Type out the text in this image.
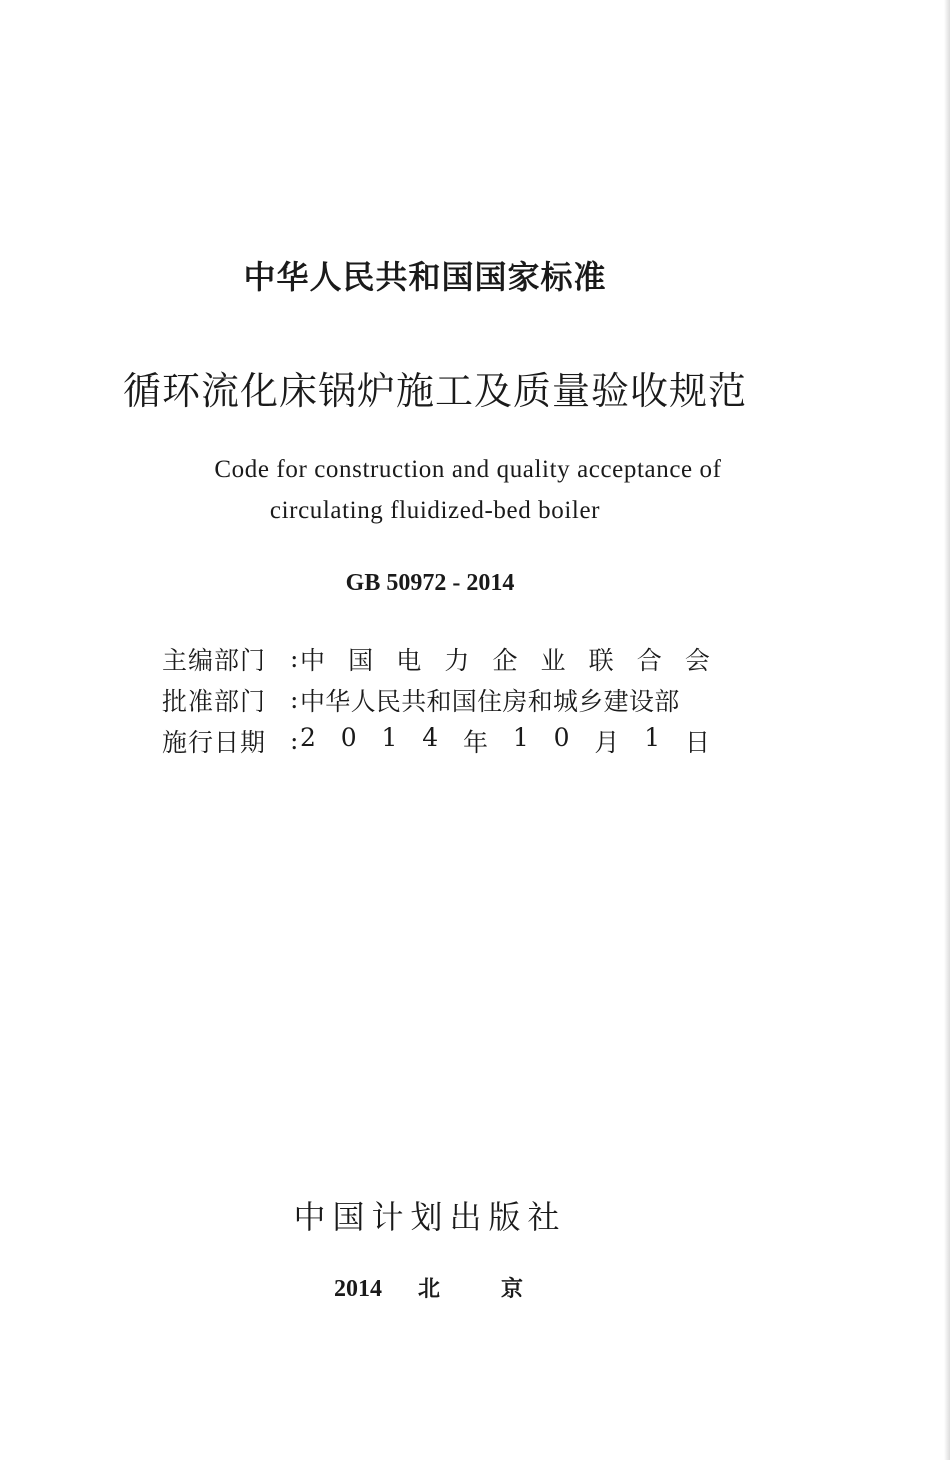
中华人民共和国国家标准
循环流化床锅炉施工及质量验收规范
Code for construction and quality acceptance of
circulating fluidized-bed boiler
GB 50972 - 2014
主编部门 : 中 国 电 力 企 业 联 合 会
批准部门 : 中华人民共和国住房和城乡建设部
施行日期 : 2 0 1 4 年 1 0 月 1 日
中国计划出版社
2014 北	京
